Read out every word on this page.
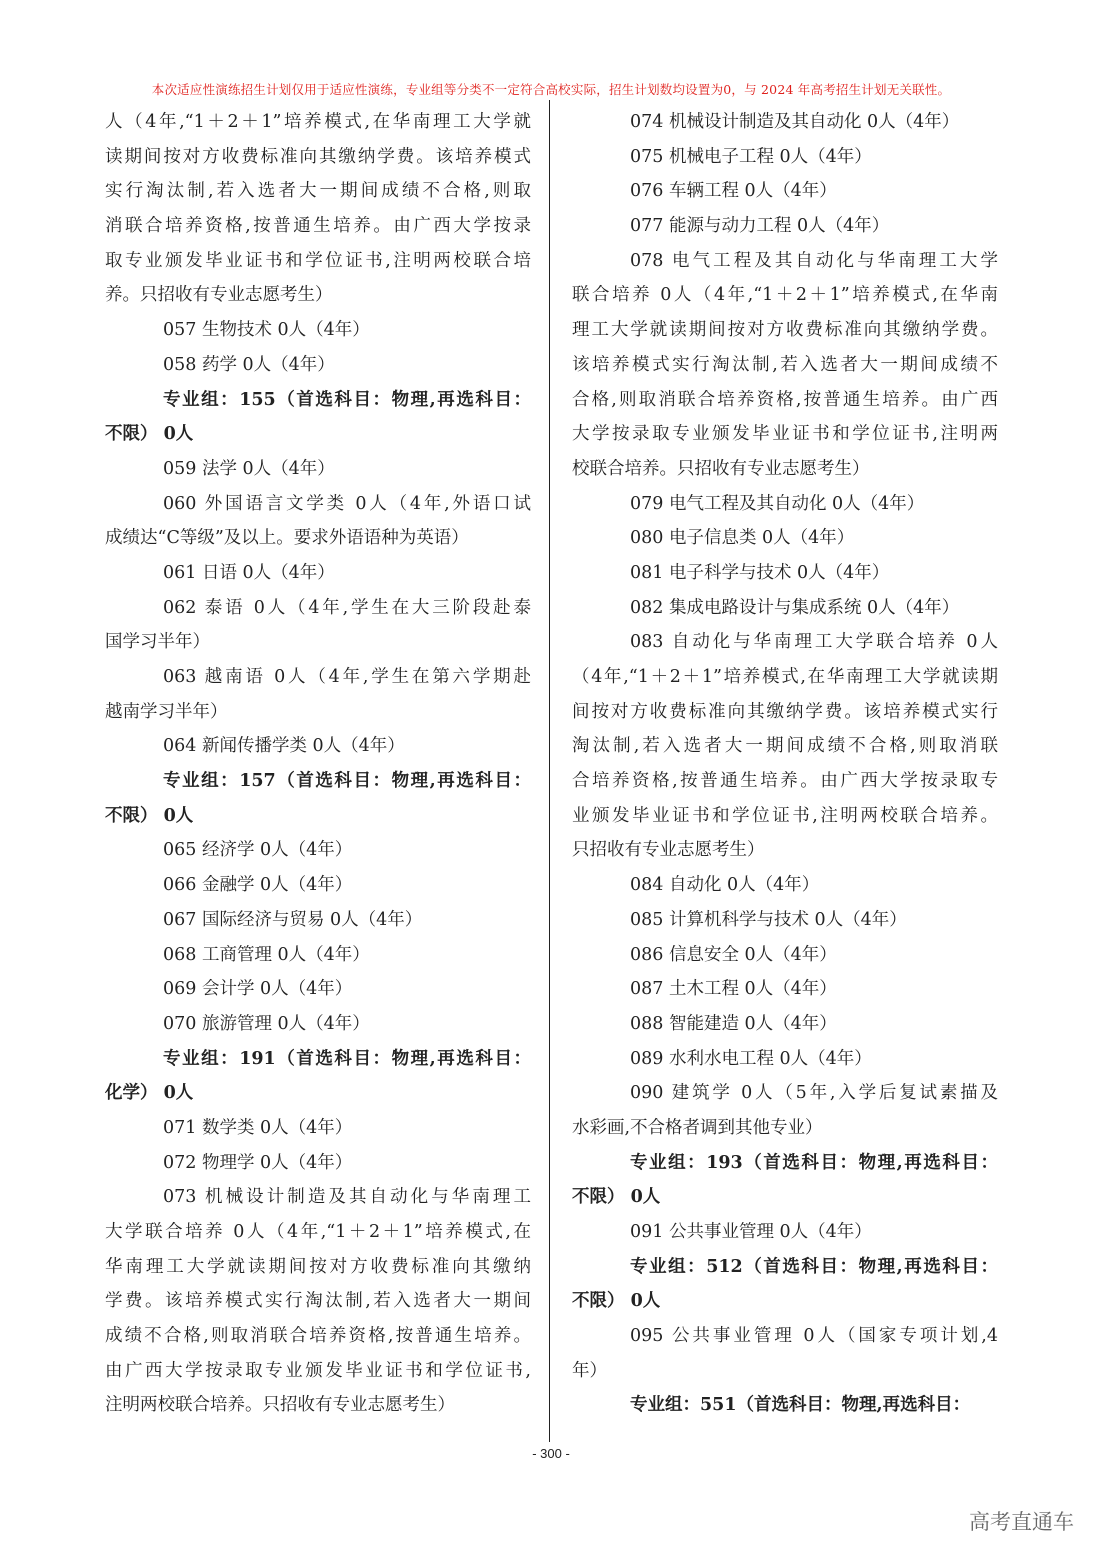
本次适应性演练招生计划仅用于适应性演练，专业组等分类不一定符合高校实际，招生计划数均设置为0，与 2024 年高考招生计划无关联性。
人（4年,“1＋2＋1”培养模式,在华南理工大学就
读期间按对方收费标准向其缴纳学费。该培养模式
实行淘汰制,若入选者大一期间成绩不合格,则取
消联合培养资格,按普通生培养。由广西大学按录
取专业颁发毕业证书和学位证书,注明两校联合培
养。只招收有专业志愿考生）
057 生物技术 0人（4年）
058 药学 0人（4年）
专业组：155（首选科目：物理,再选科目：
不限） 0人
059 法学 0人（4年）
060 外国语言文学类 0人（4年,外语口试
成绩达“C等级”及以上。要求外语语种为英语）
061 日语 0人（4年）
062 泰语 0人（4年,学生在大三阶段赴泰
国学习半年）
063 越南语 0人（4年,学生在第六学期赴
越南学习半年）
064 新闻传播学类 0人（4年）
专业组：157（首选科目：物理,再选科目：
不限） 0人
065 经济学 0人（4年）
066 金融学 0人（4年）
067 国际经济与贸易 0人（4年）
068 工商管理 0人（4年）
069 会计学 0人（4年）
070 旅游管理 0人（4年）
专业组：191（首选科目：物理,再选科目：
化学） 0人
071 数学类 0人（4年）
072 物理学 0人（4年）
073 机械设计制造及其自动化与华南理工
大学联合培养 0人（4年,“1＋2＋1”培养模式,在
华南理工大学就读期间按对方收费标准向其缴纳
学费。该培养模式实行淘汰制,若入选者大一期间
成绩不合格,则取消联合培养资格,按普通生培养。
由广西大学按录取专业颁发毕业证书和学位证书,
注明两校联合培养。只招收有专业志愿考生）
074 机械设计制造及其自动化 0人（4年）
075 机械电子工程 0人（4年）
076 车辆工程 0人（4年）
077 能源与动力工程 0人（4年）
078 电气工程及其自动化与华南理工大学
联合培养 0人（4年,“1＋2＋1”培养模式,在华南
理工大学就读期间按对方收费标准向其缴纳学费。
该培养模式实行淘汰制,若入选者大一期间成绩不
合格,则取消联合培养资格,按普通生培养。由广西
大学按录取专业颁发毕业证书和学位证书,注明两
校联合培养。只招收有专业志愿考生）
079 电气工程及其自动化 0人（4年）
080 电子信息类 0人（4年）
081 电子科学与技术 0人（4年）
082 集成电路设计与集成系统 0人（4年）
083 自动化与华南理工大学联合培养 0人
（4年,“1＋2＋1”培养模式,在华南理工大学就读期
间按对方收费标准向其缴纳学费。该培养模式实行
淘汰制,若入选者大一期间成绩不合格,则取消联
合培养资格,按普通生培养。由广西大学按录取专
业颁发毕业证书和学位证书,注明两校联合培养。
只招收有专业志愿考生）
084 自动化 0人（4年）
085 计算机科学与技术 0人（4年）
086 信息安全 0人（4年）
087 土木工程 0人（4年）
088 智能建造 0人（4年）
089 水利水电工程 0人（4年）
090 建筑学 0人（5年,入学后复试素描及
水彩画,不合格者调到其他专业）
专业组：193（首选科目：物理,再选科目：
不限） 0人
091 公共事业管理 0人（4年）
专业组：512（首选科目：物理,再选科目：
不限） 0人
095 公共事业管理 0人（国家专项计划,4
年）
专业组：551（首选科目：物理,再选科目：
- 300 -
高考直通车
